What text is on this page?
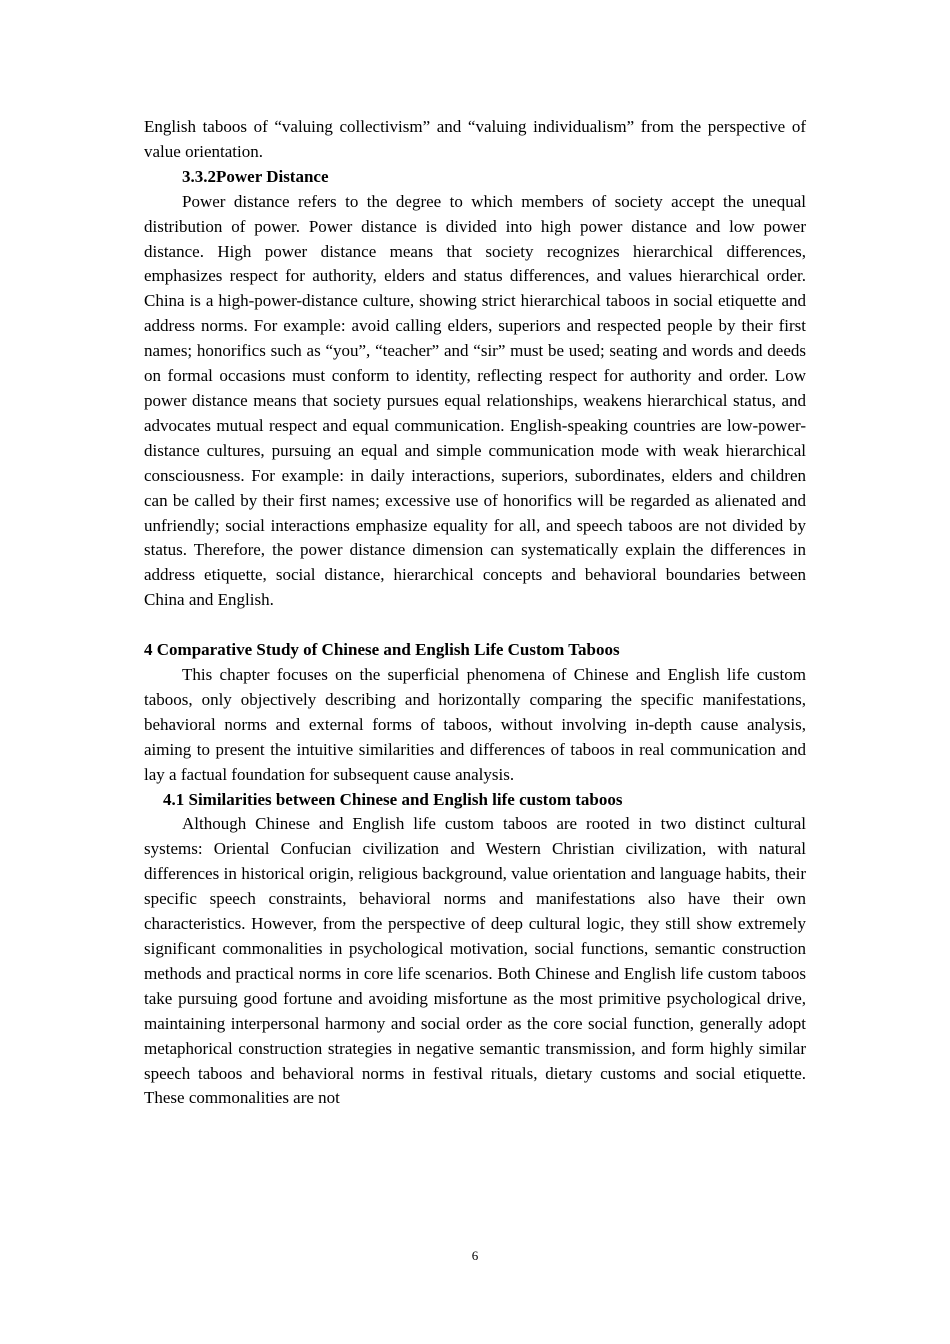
English taboos of “valuing collectivism” and “valuing individualism” from the perspective of value orientation.

3.3.2Power Distance

Power distance refers to the degree to which members of society accept the unequal distribution of power. Power distance is divided into high power distance and low power distance. High power distance means that society recognizes hierarchical differences, emphasizes respect for authority, elders and status differences, and values hierarchical order. China is a high-power-distance culture, showing strict hierarchical taboos in social etiquette and address norms. For example: avoid calling elders, superiors and respected people by their first names; honorifics such as “you”, “teacher” and “sir” must be used; seating and words and deeds on formal occasions must conform to identity, reflecting respect for authority and order. Low power distance means that society pursues equal relationships, weakens hierarchical status, and advocates mutual respect and equal communication. English-speaking countries are low-power-distance cultures, pursuing an equal and simple communication mode with weak hierarchical consciousness. For example: in daily interactions, superiors, subordinates, elders and children can be called by their first names; excessive use of honorifics will be regarded as alienated and unfriendly; social interactions emphasize equality for all, and speech taboos are not divided by status. Therefore, the power distance dimension can systematically explain the differences in address etiquette, social distance, hierarchical concepts and behavioral boundaries between China and English.

4 Comparative Study of Chinese and English Life Custom Taboos

This chapter focuses on the superficial phenomena of Chinese and English life custom taboos, only objectively describing and horizontally comparing the specific manifestations, behavioral norms and external forms of taboos, without involving in-depth cause analysis, aiming to present the intuitive similarities and differences of taboos in real communication and lay a factual foundation for subsequent cause analysis.

4.1 Similarities between Chinese and English life custom taboos

Although Chinese and English life custom taboos are rooted in two distinct cultural systems: Oriental Confucian civilization and Western Christian civilization, with natural differences in historical origin, religious background, value orientation and language habits, their specific speech constraints, behavioral norms and manifestations also have their own characteristics. However, from the perspective of deep cultural logic, they still show extremely significant commonalities in psychological motivation, social functions, semantic construction methods and practical norms in core life scenarios. Both Chinese and English life custom taboos take pursuing good fortune and avoiding misfortune as the most primitive psychological drive, maintaining interpersonal harmony and social order as the core social function, generally adopt metaphorical construction strategies in negative semantic transmission, and form highly similar speech taboos and behavioral norms in festival rituals, dietary customs and social etiquette. These commonalities are not

6
